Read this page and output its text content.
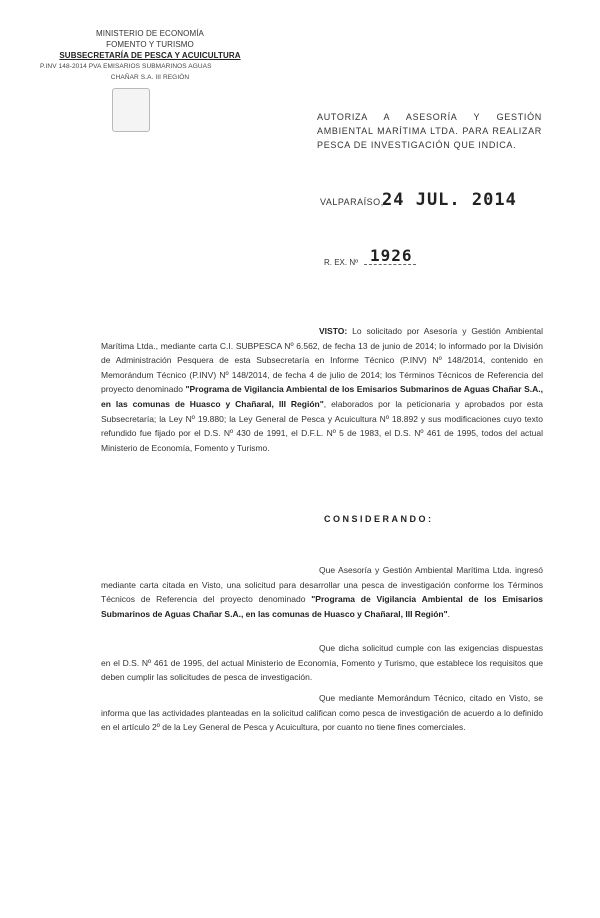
MINISTERIO DE ECONOMÍA
FOMENTO Y TURISMO
SUBSECRETARÍA DE PESCA Y ACUICULTURA
P.INV 148-2014 PVA EMISARIOS SUBMARINOS AGUAS
CHAÑAR S.A. III REGIÓN

AUTORIZA A ASESORÍA Y GESTIÓN AMBIENTAL MARÍTIMA LTDA. PARA REALIZAR PESCA DE INVESTIGACIÓN QUE INDICA.
VALPARAÍSO,
24 JUL. 2014
R. EX. Nº 1926
VISTO: Lo solicitado por Asesoría y Gestión Ambiental Marítima Ltda., mediante carta C.I. SUBPESCA Nº 6.562, de fecha 13 de junio de 2014; lo informado por la División de Administración Pesquera de esta Subsecretaría en Informe Técnico (P.INV) Nº 148/2014, contenido en Memorándum Técnico (P.INV) Nº 148/2014, de fecha 4 de julio de 2014; los Términos Técnicos de Referencia del proyecto denominado "Programa de Vigilancia Ambiental de los Emisarios Submarinos de Aguas Chañar S.A., en las comunas de Huasco y Chañaral, III Región", elaborados por la peticionaria y aprobados por esta Subsecretaría; la Ley Nº 19.880; la Ley General de Pesca y Acuicultura Nº 18.892 y sus modificaciones cuyo texto refundido fue fijado por el D.S. Nº 430 de 1991, el D.F.L. Nº 5 de 1983, el D.S. Nº 461 de 1995, todos del actual Ministerio de Economía, Fomento y Turismo.
CONSIDERANDO:
Que Asesoría y Gestión Ambiental Marítima Ltda. ingresó mediante carta citada en Visto, una solicitud para desarrollar una pesca de investigación conforme los Términos Técnicos de Referencia del proyecto denominado "Programa de Vigilancia Ambiental de los Emisarios Submarinos de Aguas Chañar S.A., en las comunas de Huasco y Chañaral, III Región".
Que dicha solicitud cumple con las exigencias dispuestas en el D.S. Nº 461 de 1995, del actual Ministerio de Economía, Fomento y Turismo, que establece los requisitos que deben cumplir las solicitudes de pesca de investigación.
Que mediante Memorándum Técnico, citado en Visto, se informa que las actividades planteadas en la solicitud califican como pesca de investigación de acuerdo a lo definido en el artículo 2º de la Ley General de Pesca y Acuicultura, por cuanto no tiene fines comerciales.
